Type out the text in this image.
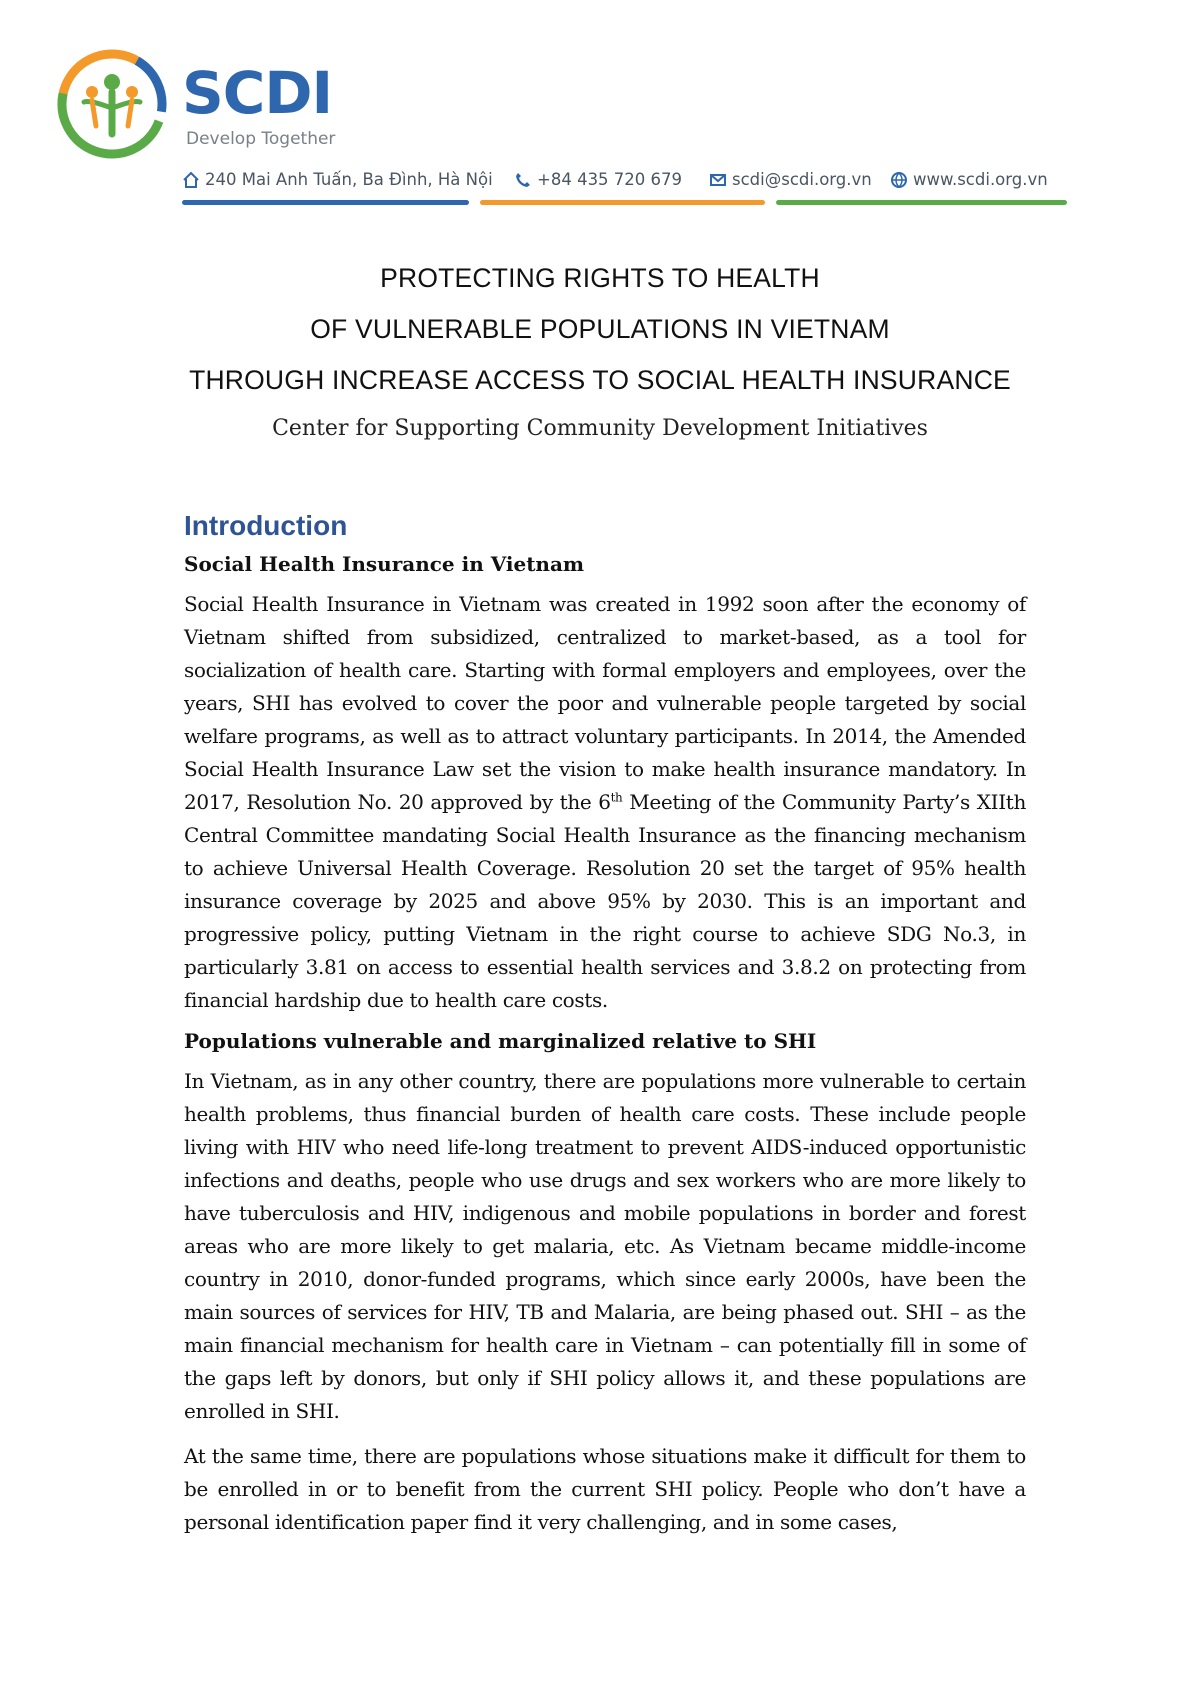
SCDI
Develop Together
240 Mai Anh Tuấn, Ba Đình, Hà Nội	+84 435 720 679	scdi@scdi.org.vn	www.scdi.org.vn
PROTECTING RIGHTS TO HEALTH
OF VULNERABLE POPULATIONS IN VIETNAM
THROUGH INCREASE ACCESS TO SOCIAL HEALTH INSURANCE
Center for Supporting Community Development Initiatives
Introduction
Social Health Insurance in Vietnam

Social Health Insurance in Vietnam was created in 1992 soon after the economy of Vietnam shifted from subsidized, centralized to market-based, as a tool for socialization of health care. Starting with formal employers and employees, over the years, SHI has evolved to cover the poor and vulnerable people targeted by social welfare programs, as well as to attract voluntary participants. In 2014, the Amended Social Health Insurance Law set the vision to make health insurance mandatory. In 2017, Resolution No. 20 approved by the 6th Meeting of the Community Party’s XIIth Central Committee mandating Social Health Insurance as the financing mechanism to achieve Universal Health Coverage. Resolution 20 set the target of 95% health insurance coverage by 2025 and above 95% by 2030. This is an important and progressive policy, putting Vietnam in the right course to achieve SDG No.3, in particularly 3.81 on access to essential health services and 3.8.2 on protecting from financial hardship due to health care costs.

Populations vulnerable and marginalized relative to SHI

In Vietnam, as in any other country, there are populations more vulnerable to certain health problems, thus financial burden of health care costs. These include people living with HIV who need life-long treatment to prevent AIDS-induced opportunistic infections and deaths, people who use drugs and sex workers who are more likely to have tuberculosis and HIV, indigenous and mobile populations in border and forest areas who are more likely to get malaria, etc. As Vietnam became middle-income country in 2010, donor-funded programs, which since early 2000s, have been the main sources of services for HIV, TB and Malaria, are being phased out. SHI – as the main financial mechanism for health care in Vietnam – can potentially fill in some of the gaps left by donors, but only if SHI policy allows it, and these populations are enrolled in SHI.

At the same time, there are populations whose situations make it difficult for them to be enrolled in or to benefit from the current SHI policy. People who don’t have a personal identification paper find it very challenging, and in some cases,
